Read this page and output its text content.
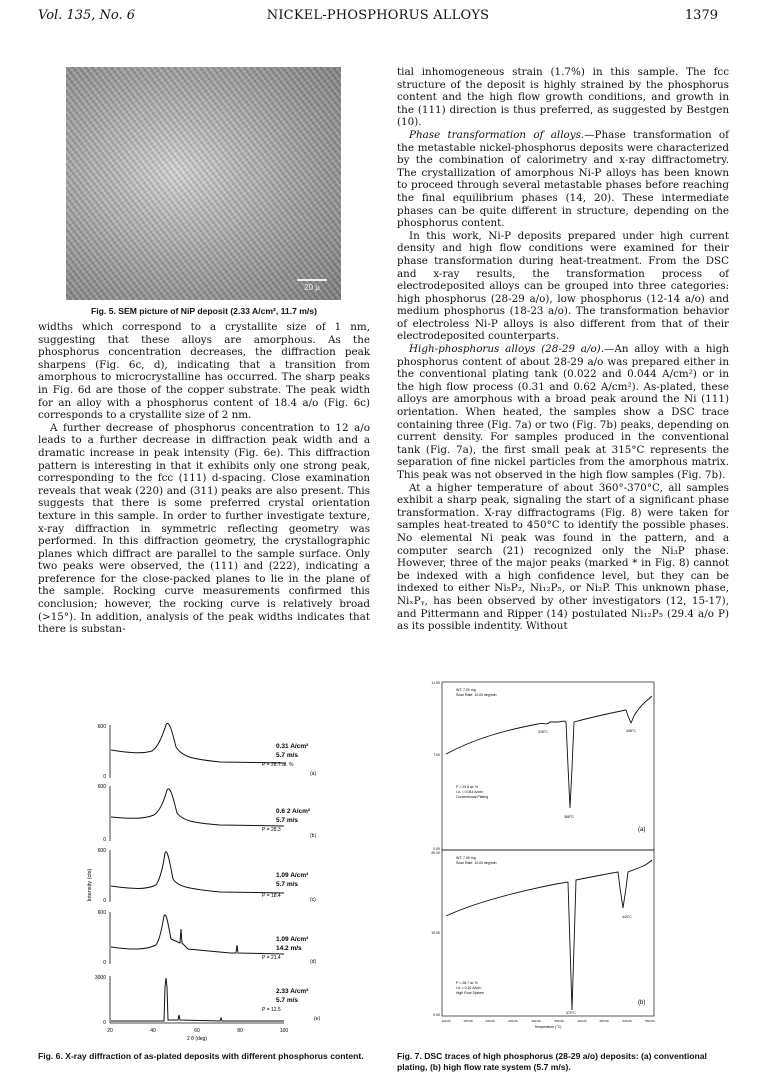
Vol. 135, No. 6	NICKEL-PHOSPHORUS ALLOYS	1379
20 μ
Fig. 5. SEM picture of NiP deposit (2.33 A/cm², 11.7 m/s)

widths which correspond to a crystallite size of 1 nm, suggesting that these alloys are amorphous. As the phosphorus concentration decreases, the diffraction peak sharpens (Fig. 6c, d), indicating that a transition from amorphous to microcrystalline has occurred. The sharp peaks in Fig. 6d are those of the copper substrate. The peak width for an alloy with a phosphorus content of 18.4 a/o (Fig. 6c) corresponds to a crystallite size of 2 nm.

A further decrease of phosphorus concentration to 12 a/o leads to a further decrease in diffraction peak width and a dramatic increase in peak intensity (Fig. 6e). This diffraction pattern is interesting in that it exhibits only one strong peak, corresponding to the fcc (111) d-spacing. Close examination reveals that weak (220) and (311) peaks are also present. This suggests that there is some preferred crystal orientation texture in this sample. In order to further investigate texture, x-ray diffraction in symmetric reflecting geometry was performed. In this diffraction geometry, the crystallographic planes which diffract are parallel to the sample surface. Only two peaks were observed, the (111) and (222), indicating a preference for the close-packed planes to lie in the plane of the sample. Rocking curve measurements confirmed this conclusion; however, the rocking curve is relatively broad (>15°). In addition, analysis of the peak widths indicates that there is substan-

tial inhomogeneous strain (1.7%) in this sample. The fcc structure of the deposit is highly strained by the phosphorus content and the high flow growth conditions, and growth in the (111) direction is thus preferred, as suggested by Bestgen (10).

Phase transformation of alloys.—Phase transformation of the metastable nickel-phosphorus deposits were characterized by the combination of calorimetry and x-ray diffractometry. The crystallization of amorphous Ni-P alloys has been known to proceed through several metastable phases before reaching the final equilibrium phases (14, 20). These intermediate phases can be quite different in structure, depending on the phosphorus content.

In this work, Ni-P deposits prepared under high current density and high flow conditions were examined for their phase transformation during heat-treatment. From the DSC and x-ray results, the transformation process of electrodeposited alloys can be grouped into three categories: high phosphorus (28-29 a/o), low phosphorus (12-14 a/o) and medium phosphorus (18-23 a/o). The transformation behavior of electroless Ni-P alloys is also different from that of their electrodeposited counterparts.

High-phosphorus alloys (28-29 a/o).—An alloy with a high phosphorus content of about 28-29 a/o was prepared either in the conventional plating tank (0.022 and 0.044 A/cm²) or in the high flow process (0.31 and 0.62 A/cm²). As-plated, these alloys are amorphous with a broad peak around the Ni (111) orientation. When heated, the samples show a DSC trace containing three (Fig. 7a) or two (Fig. 7b) peaks, depending on current density. For samples produced in the conventional tank (Fig. 7a), the first small peak at 315°C represents the separation of fine nickel particles from the amorphous matrix. This peak was not observed in the high flow samples (Fig. 7b).

At a higher temperature of about 360°-370°C, all samples exhibit a sharp peak, signaling the start of a significant phase transformation. X-ray diffractograms (Fig. 8) were taken for samples heat-treated to 450°C to identify the possible phases. No elemental Ni peak was found in the pattern, and a computer search (21) recognized only the Ni₃P phase. However, three of the major peaks (marked * in Fig. 8) cannot be indexed with a high confidence level, but they can be indexed to either Ni₅P₂, Ni₁₂P₅, or Ni₂P. This unknown phase, NiₓPᵧ, has been observed by other investigators (12, 15-17), and Pittermann and Ripper (14) postulated Ni₁₂P₅ (29.4 a/o P) as its possible indentity. Without

Intensity (cts)
600
0
0.31 A/cm²
5.7 m/s
P = 28.7 at. %
(a)
600
0
0.6 2 A/cm²
5.7 m/s
P = 28.3
(b)
600
0
1.09 A/cm²
5.7 m/s
P = 18.4
(c)
600
0
1.09 A/cm²
14.2 m/s
P = 21.4
(d)
3000
0
2.33 A/cm²
5.7 m/s
P = 12.5
(e)
20	40	60	80	100
2 θ (deg)
Fig. 6. X-ray diffraction of as-plated deposits with different phosphorus content.
11.00
7.00
0.00
WT: 7.00 mg
Scan Rate: 10.00 deg/min
315°C
368°C
448°C
P = 29.8 at. %
i.d. = 0.044 A/cm²
Conventional Plating
(a)
20.00
10.00
0.00
WT: 7.90 mg
Scan Rate: 10.00 deg/min
370°C
444°C
P = 28.7 at. %
i.d. = 0.62 A/cm²
High Flow System
(b)
100.00	150.00	200.00	250.00	300.00	350.00	400.00	450.00	500.00	550.00
Temperature (°C)
Fig. 7. DSC traces of high phosphorus (28-29 a/o) deposits: (a) conventional plating, (b) high flow rate system (5.7 m/s).
